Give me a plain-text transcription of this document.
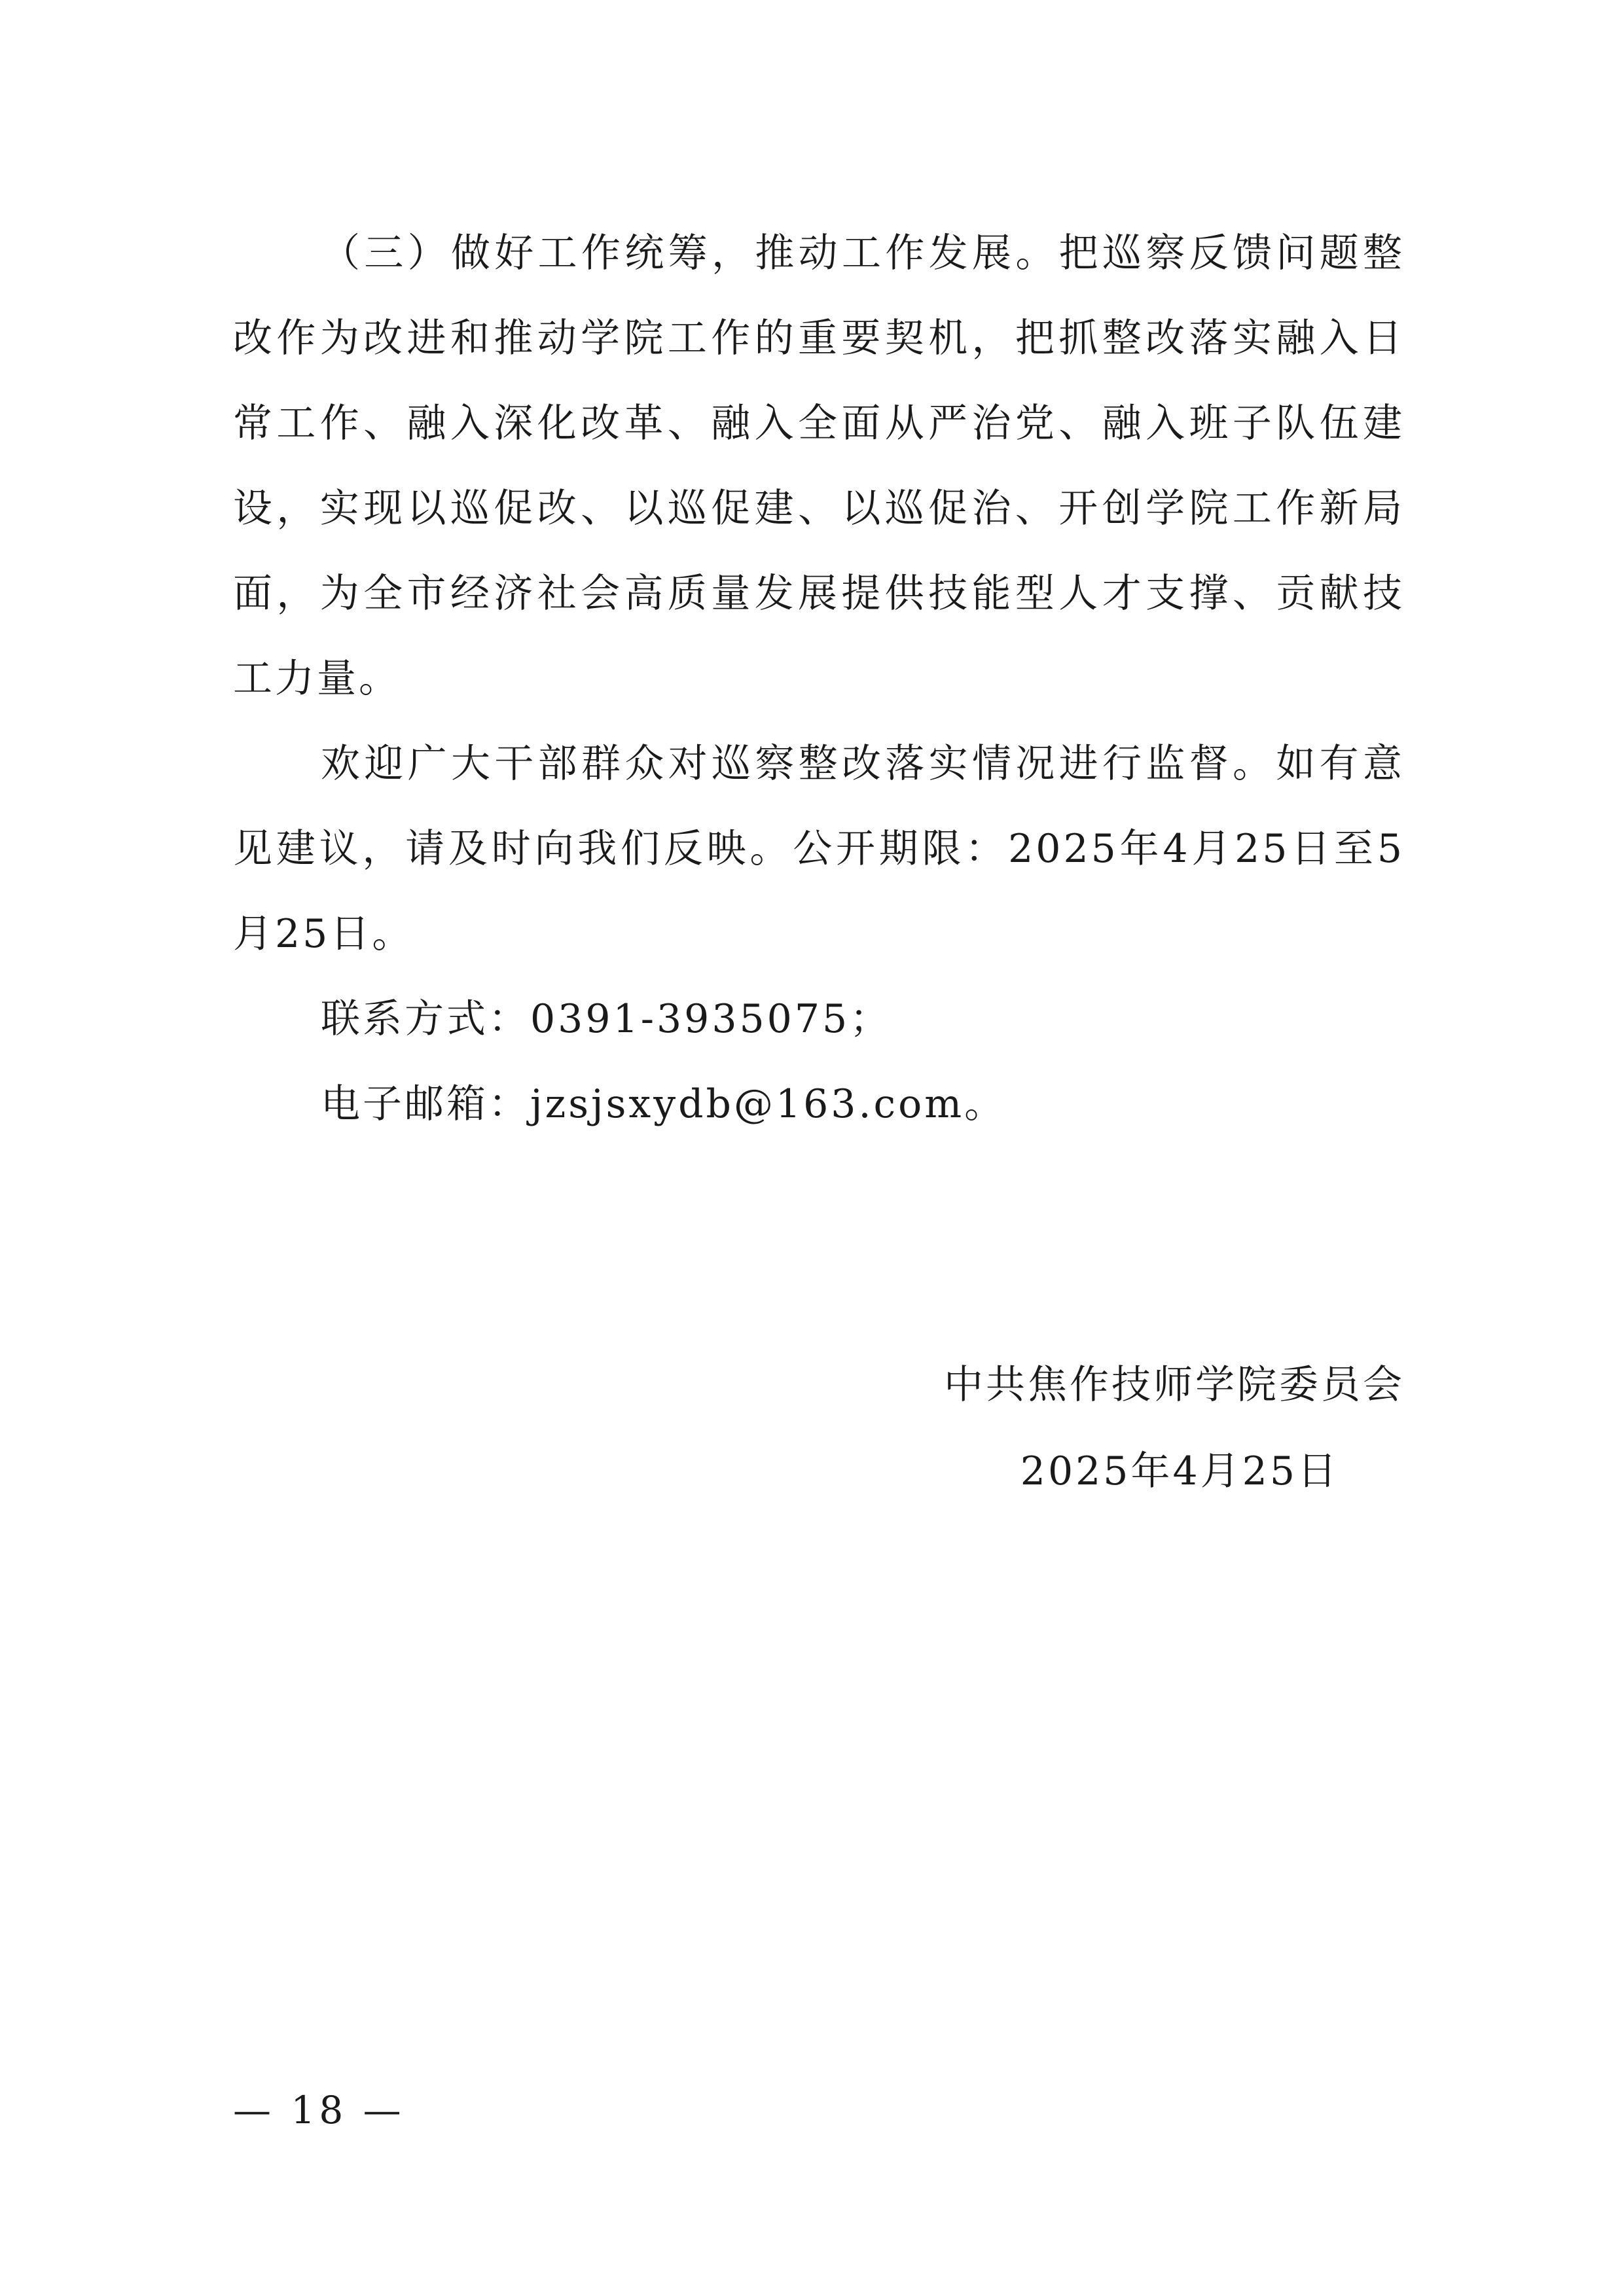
（三）做好工作统筹，推动工作发展。把巡察反馈问题整改作为改进和推动学院工作的重要契机，把抓整改落实融入日常工作、融入深化改革、融入全面从严治党、融入班子队伍建设，实现以巡促改、以巡促建、以巡促治、开创学院工作新局面，为全市经济社会高质量发展提供技能型人才支撑、贡献技工力量。

欢迎广大干部群众对巡察整改落实情况进行监督。如有意见建议，请及时向我们反映。公开期限：2025年4月25日至5月25日。

联系方式：0391-3935075；

电子邮箱：jzsjsxydb@163.com。

中共焦作技师学院委员会

2025年4月25日

— 18 —
